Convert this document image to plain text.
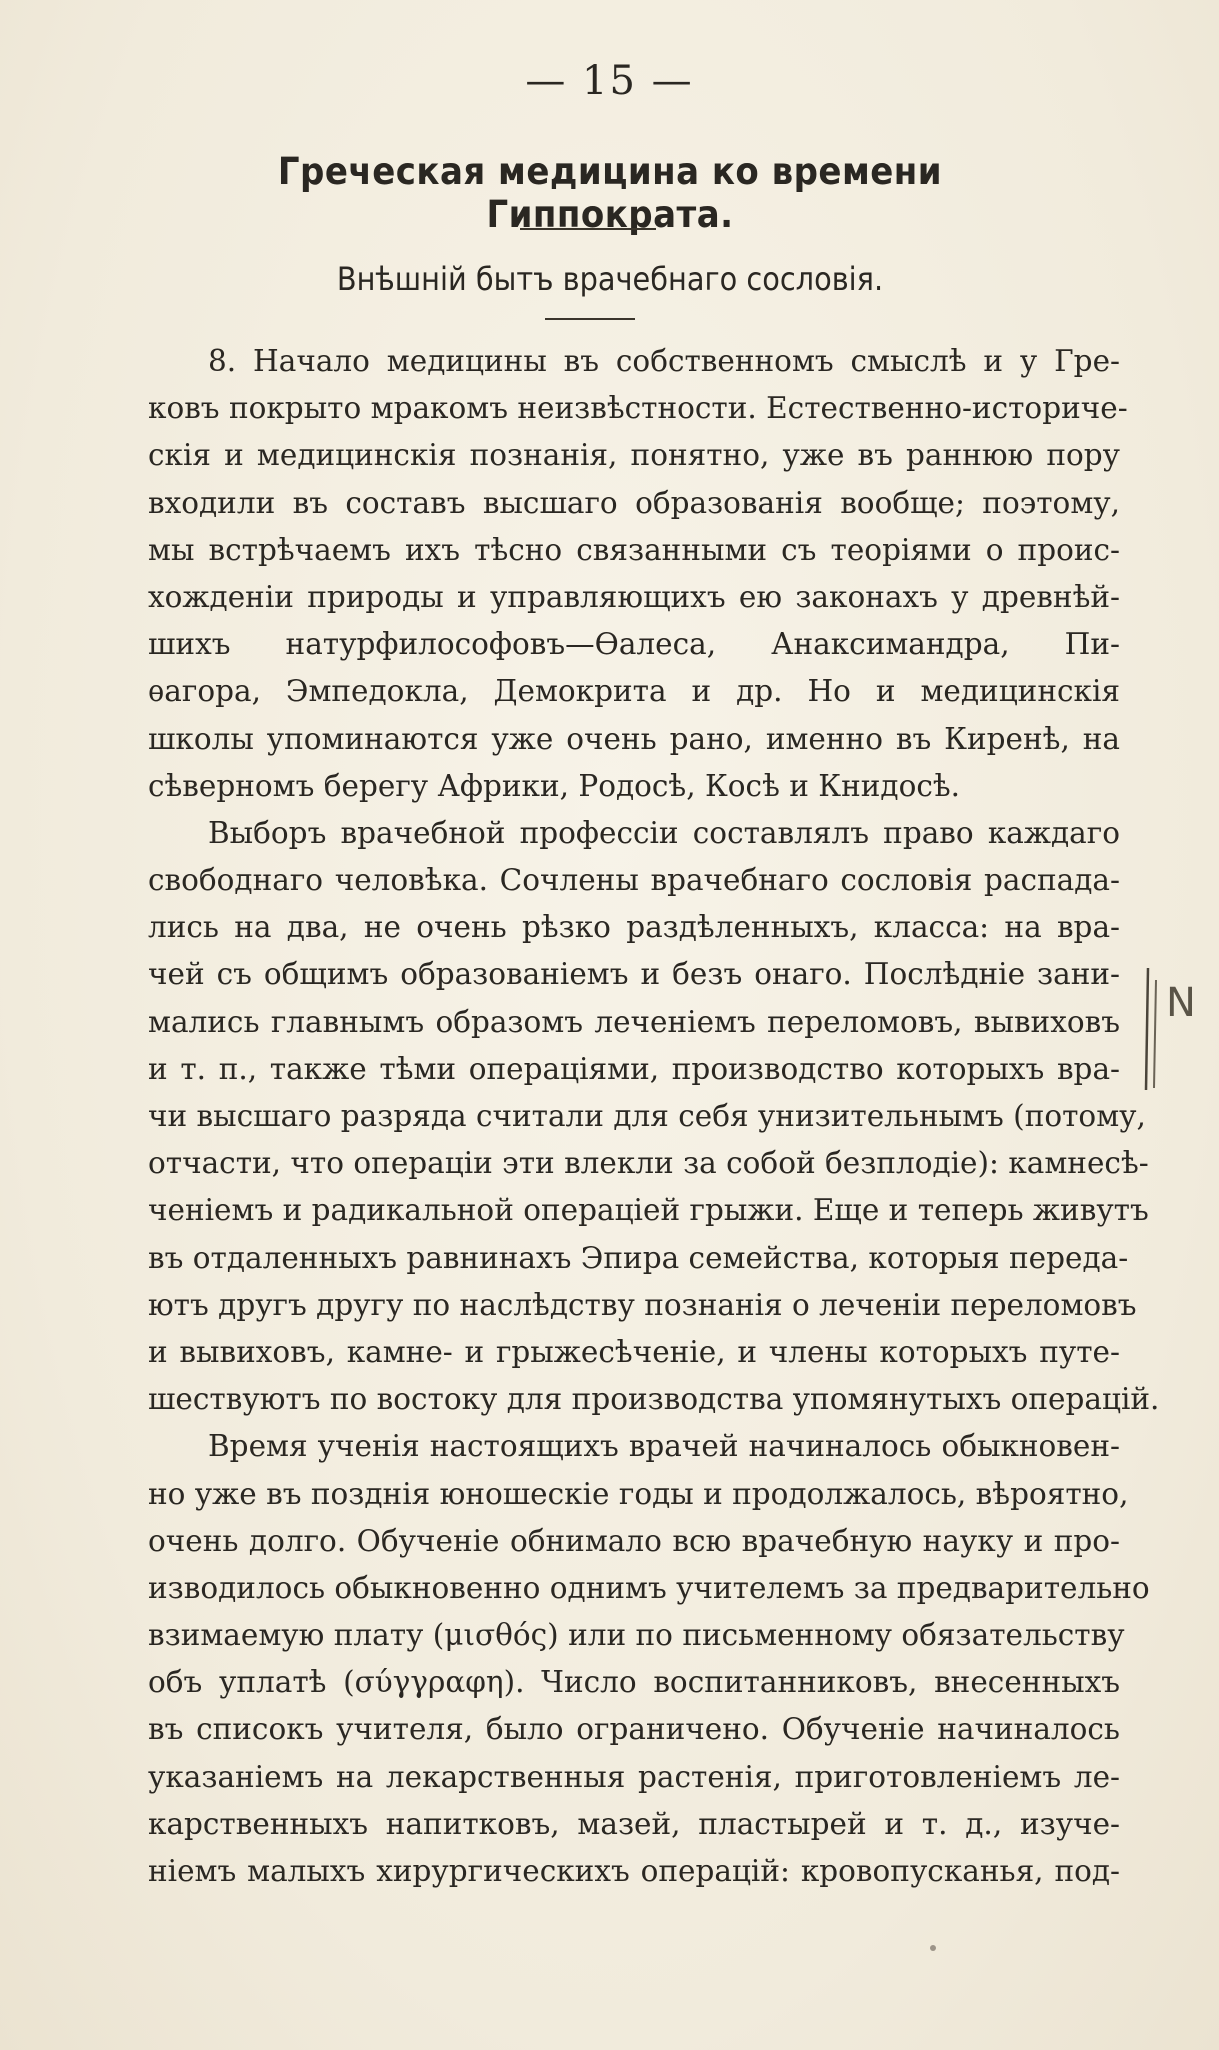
— 15 —
Греческая медицина ко времени Гиппократа.
Внѣшній бытъ врачебнаго сословія.
8. Начало медицины въ собственномъ смыслѣ и у Гре-
ковъ покрыто мракомъ неизвѣстности. Естественно-историче-
скія и медицинскія познанія, понятно, уже въ раннюю пору
входили въ составъ высшаго образованія вообще; поэтому,
мы встрѣчаемъ ихъ тѣсно связанными съ теоріями о проис-
хожденіи природы и управляющихъ ею законахъ у древнѣй-
шихъ натурфилософовъ—Ѳалеса, Анаксимандра, Пи-
ѳагора, Эмпедокла, Демокрита и др. Но и медицинскія
школы упоминаются уже очень рано, именно въ Киренѣ, на
сѣверномъ берегу Африки, Родосѣ, Косѣ и Книдосѣ.
Выборъ врачебной профессіи составлялъ право каждаго
свободнаго человѣка. Сочлены врачебнаго сословія распада-
лись на два, не очень рѣзко раздѣленныхъ, класса: на вра-
чей съ общимъ образованіемъ и безъ онаго. Послѣдніе зани-
мались главнымъ образомъ леченіемъ переломовъ, вывиховъ
и т. п., также тѣми операціями, производство которыхъ вра-
чи высшаго разряда считали для себя унизительнымъ (потому,
отчасти, что операціи эти влекли за собой безплодіе): камнесѣ-
ченіемъ и радикальной операціей грыжи. Еще и теперь живутъ
въ отдаленныхъ равнинахъ Эпира семейства, которыя переда-
ютъ другъ другу по наслѣдству познанія о леченіи переломовъ
и вывиховъ, камне- и грыжесѣченіе, и члены которыхъ путе-
шествуютъ по востоку для производства упомянутыхъ операцій.
Время ученія настоящихъ врачей начиналось обыкновен-
но уже въ позднія юношескіе годы и продолжалось, вѣроятно,
очень долго. Обученіе обнимало всю врачебную науку и про-
изводилось обыкновенно однимъ учителемъ за предварительно
взимаемую плату (μισθός) или по письменному обязательству
объ уплатѣ (σύγγραφη). Число воспитанниковъ, внесенныхъ
въ списокъ учителя, было ограничено. Обученіе начиналось
указаніемъ на лекарственныя растенія, приготовленіемъ ле-
карственныхъ напитковъ, мазей, пластырей и т. д., изуче-
ніемъ малыхъ хирургическихъ операцій: кровопусканья, под-
N
